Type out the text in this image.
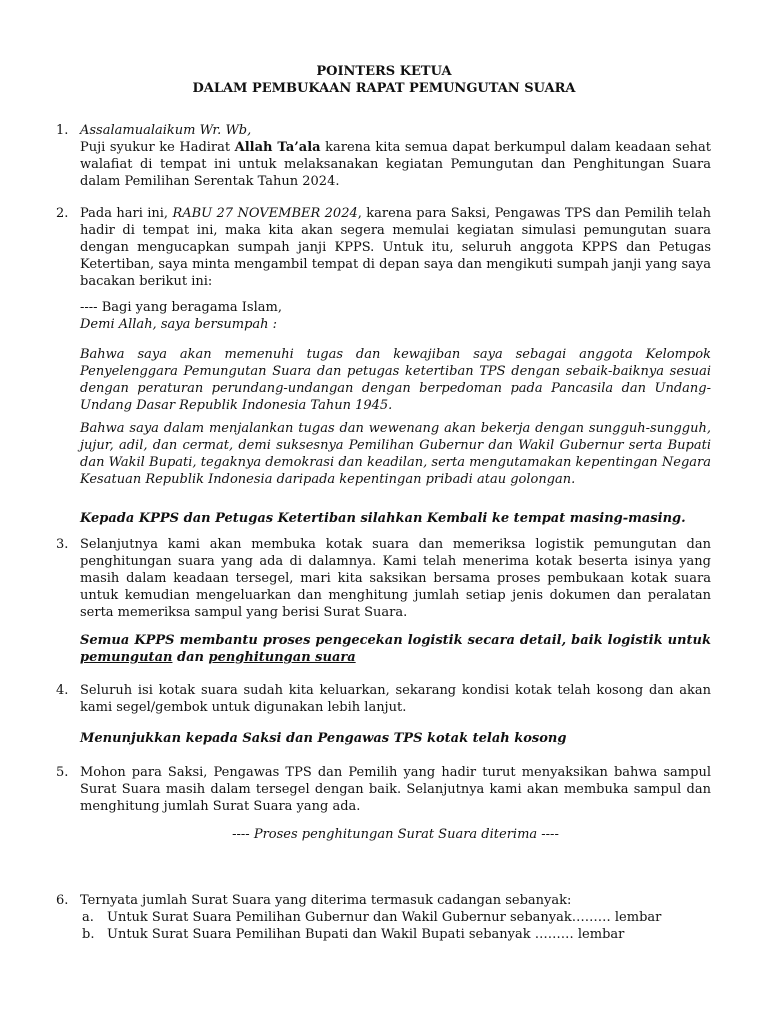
POINTERS KETUA
DALAM PEMBUKAAN RAPAT PEMUNGUTAN SUARA
1. Assalamualaikum Wr. Wb,

Puji syukur ke Hadirat Allah Ta’ala karena kita semua dapat berkumpul dalam keadaan sehat walafiat di tempat ini untuk melaksanakan kegiatan Pemungutan dan Penghitungan Suara dalam Pemilihan Serentak Tahun 2024.

2. Pada hari ini, RABU 27 NOVEMBER 2024, karena para Saksi, Pengawas TPS dan Pemilih telah hadir di tempat ini, maka kita akan segera memulai kegiatan simulasi pemungutan suara dengan mengucapkan sumpah janji KPPS. Untuk itu, seluruh anggota KPPS dan Petugas Ketertiban, saya minta mengambil tempat di depan saya dan mengikuti sumpah janji yang saya bacakan berikut ini:

---- Bagi yang beragama Islam,

Demi Allah, saya bersumpah :

Bahwa saya akan memenuhi tugas dan kewajiban saya sebagai anggota Kelompok Penyelenggara Pemungutan Suara dan petugas ketertiban TPS dengan sebaik-baiknya sesuai dengan peraturan perundang-undangan dengan berpedoman pada Pancasila dan Undang-Undang Dasar Republik Indonesia Tahun 1945.
Bahwa saya dalam menjalankan tugas dan wewenang akan bekerja dengan sungguh-sungguh, jujur, adil, dan cermat, demi suksesnya Pemilihan Gubernur dan Wakil Gubernur serta Bupati dan Wakil Bupati, tegaknya demokrasi dan keadilan, serta mengutamakan kepentingan Negara Kesatuan Republik Indonesia daripada kepentingan pribadi atau golongan.
Kepada KPPS dan Petugas Ketertiban silahkan Kembali ke tempat masing-masing.
3. Selanjutnya kami akan membuka kotak suara dan memeriksa logistik pemungutan dan penghitungan suara yang ada di dalamnya. Kami telah menerima kotak beserta isinya yang masih dalam keadaan tersegel, mari kita saksikan bersama proses pembukaan kotak suara untuk kemudian mengeluarkan dan menghitung jumlah setiap jenis dokumen dan peralatan serta memeriksa sampul yang berisi Surat Suara.
Semua KPPS membantu proses pengecekan logistik secara detail, baik logistik untuk pemungutan dan penghitungan suara
4. Seluruh isi kotak suara sudah kita keluarkan, sekarang kondisi kotak telah kosong dan akan kami segel/gembok untuk digunakan lebih lanjut.
Menunjukkan kepada Saksi dan Pengawas TPS kotak telah kosong
5. Mohon para Saksi, Pengawas TPS dan Pemilih yang hadir turut menyaksikan bahwa sampul Surat Suara masih dalam tersegel dengan baik. Selanjutnya kami akan membuka sampul dan menghitung jumlah Surat Suara yang ada.
---- Proses penghitungan Surat Suara diterima ----
6. Ternyata jumlah Surat Suara yang diterima termasuk cadangan sebanyak:
a. Untuk Surat Suara Pemilihan Gubernur dan Wakil Gubernur sebanyak……… lembar
b. Untuk Surat Suara Pemilihan Bupati dan Wakil Bupati sebanyak ……… lembar
